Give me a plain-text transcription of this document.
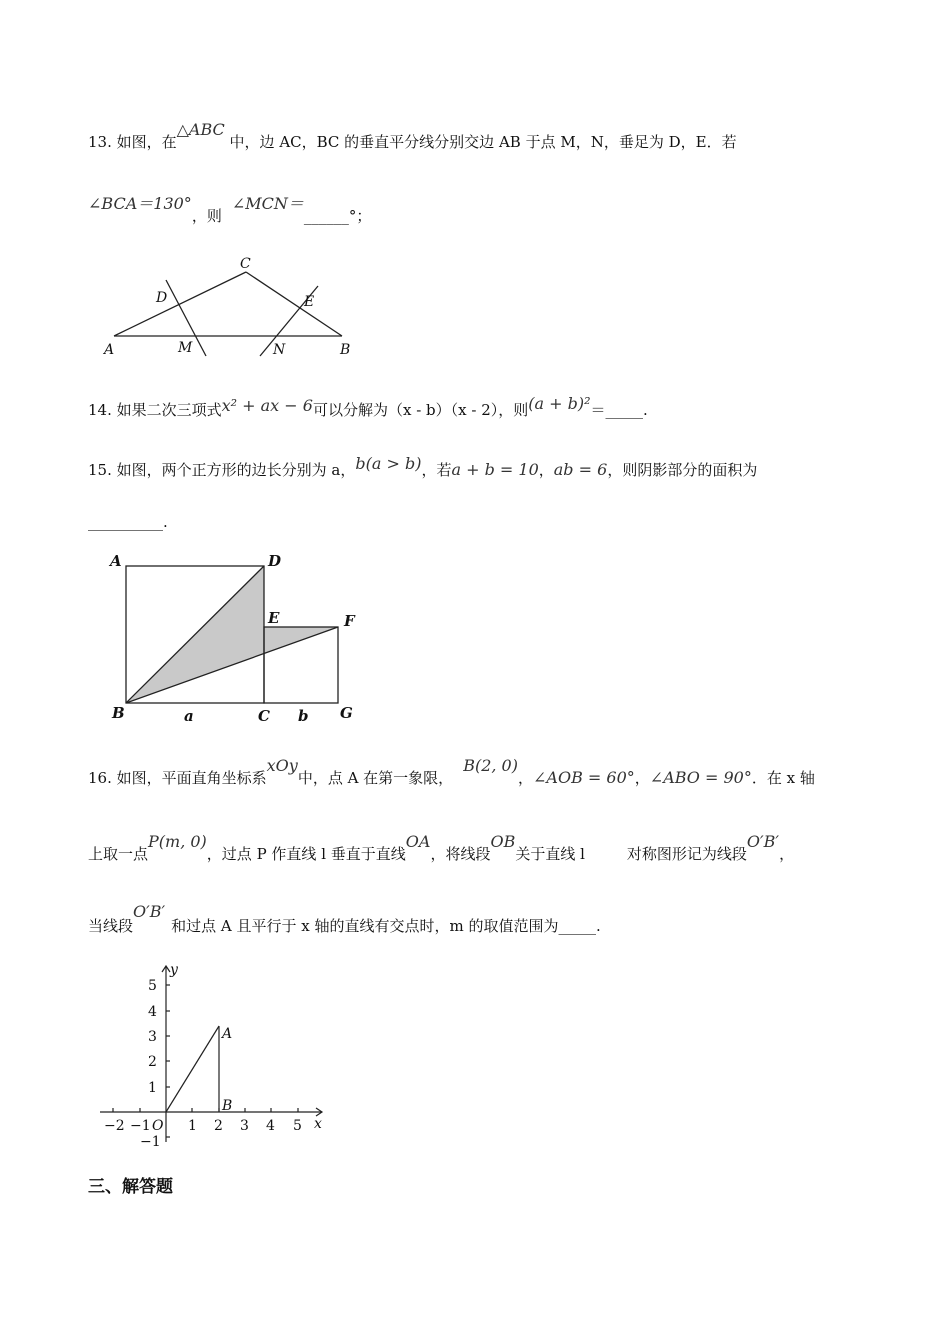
13. 如图，在△ABC 中，边 AC，BC 的垂直平分线分别交边 AB 于点 M，N，垂足为 D，E．若
∠BCA＝130°，则∠MCN＝______°；
C
D	E
A	M	N	B
14. 如果二次三项式x² + ax − 6可以分解为（x - b）（x - 2），则(a + b)²＝_____.
15. 如图，两个正方形的边长分别为 a，b(a > b)，若a + b = 10，ab = 6，则阴影部分的面积为
__________.
A	D
E	F
B	a	C b G
16. 如图，平面直角坐标系xOy中，点 A 在第一象限，B(2, 0)，∠AOB = 60°，∠ABO = 90°．在 x 轴
上取一点P(m, 0)，过点 P 作直线 l 垂直于直线OA，将线段OB关于直线 l	对称图形记为线段O′B′，
当线段O′B′和过点 A 且平行于 x 轴的直线有交点时，m 的取值范围为_____.
−2 −1	1 2 3 4 5
5
4
3
2
1
−1
O	x
y
A
B
三、解答题
